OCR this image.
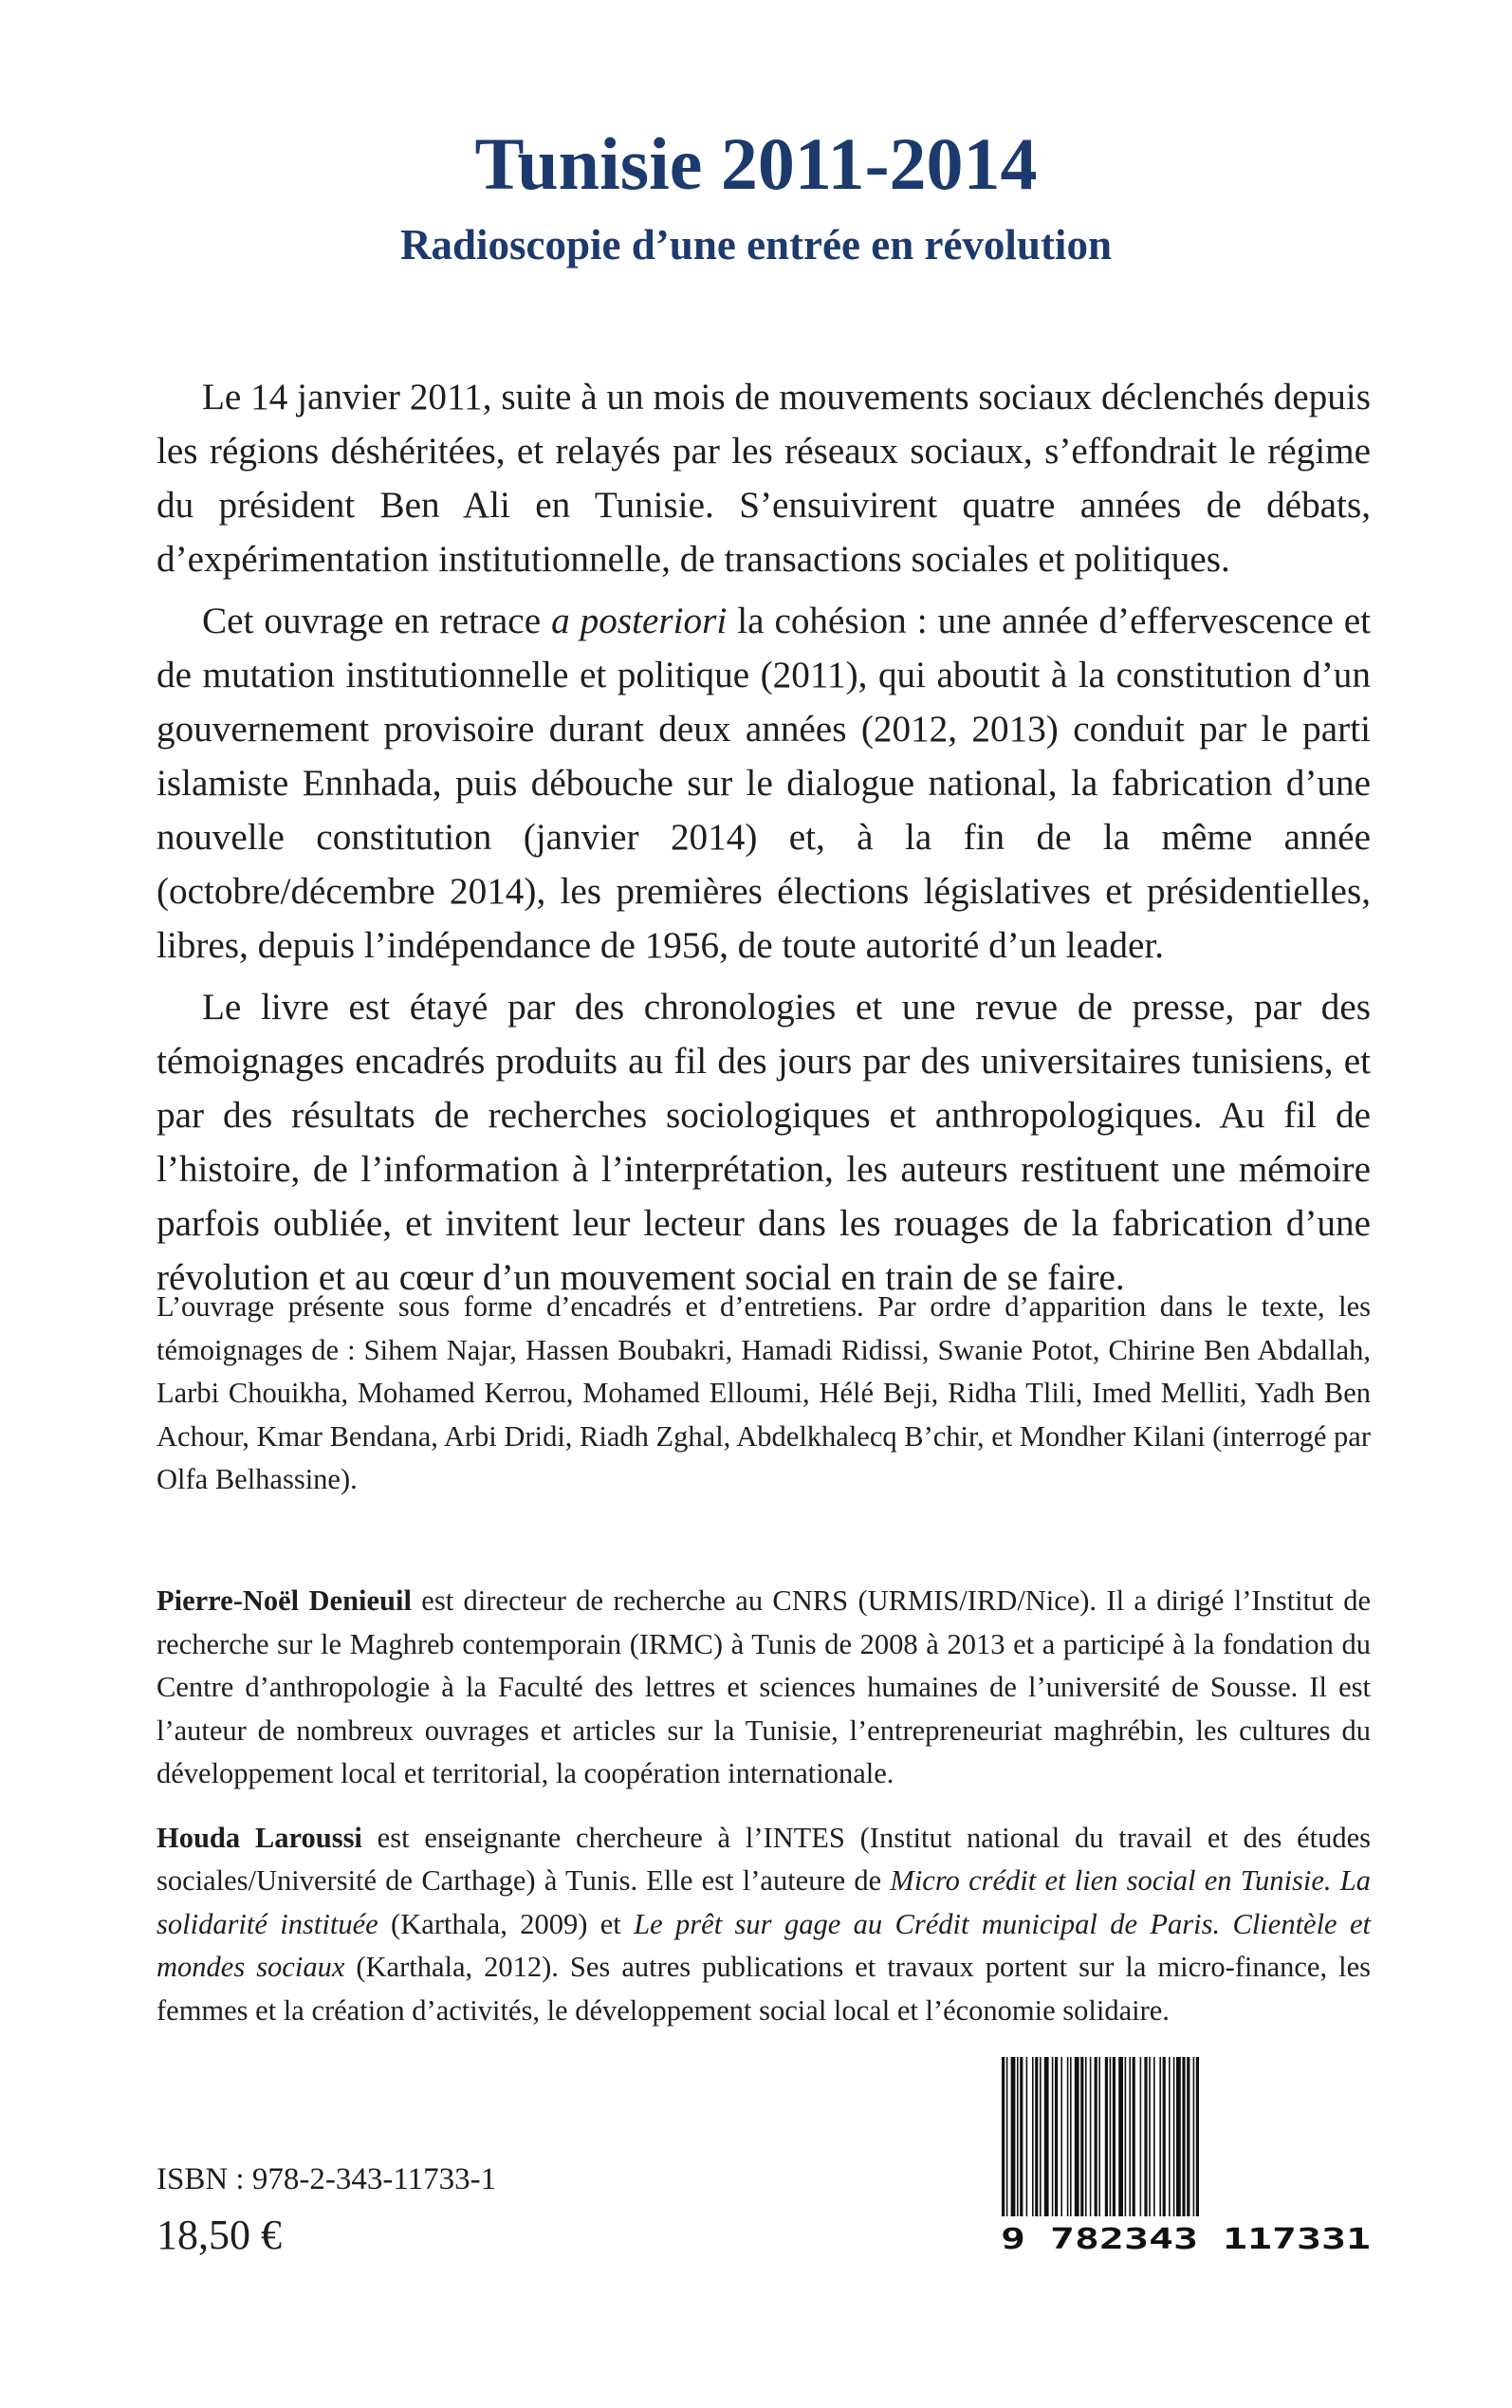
Tunisie 2011-2014
Radioscopie d’une entrée en révolution

Le 14 janvier 2011, suite à un mois de mouvements sociaux déclenchés depuis les régions déshéritées, et relayés par les réseaux sociaux, s’effondrait le régime du président Ben Ali en Tunisie. S’ensuivirent quatre années de débats, d’expérimentation institutionnelle, de transactions sociales et politiques.

Cet ouvrage en retrace a posteriori la cohésion : une année d’effervescence et de mutation institutionnelle et politique (2011), qui aboutit à la constitution d’un gouvernement provisoire durant deux années (2012, 2013) conduit par le parti islamiste Ennhada, puis débouche sur le dialogue national, la fabrication d’une nouvelle constitution (janvier 2014) et, à la fin de la même année (octobre/décembre 2014), les premières élections législatives et présidentielles, libres, depuis l’indépendance de 1956, de toute autorité d’un leader.

Le livre est étayé par des chronologies et une revue de presse, par des témoignages encadrés produits au fil des jours par des universitaires tunisiens, et par des résultats de recherches sociologiques et anthropologiques. Au fil de l’histoire, de l’information à l’interprétation, les auteurs restituent une mémoire parfois oubliée, et invitent leur lecteur dans les rouages de la fabrication d’une révolution et au cœur d’un mouvement social en train de se faire.

L’ouvrage présente sous forme d’encadrés et d’entretiens. Par ordre d’apparition dans le texte, les témoignages de : Sihem Najar, Hassen Boubakri, Hamadi Ridissi, Swanie Potot, Chirine Ben Abdallah, Larbi Chouikha, Mohamed Kerrou, Mohamed Elloumi, Hélé Beji, Ridha Tlili, Imed Melliti, Yadh Ben Achour, Kmar Bendana, Arbi Dridi, Riadh Zghal, Abdelkhalecq B’chir, et Mondher Kilani (interrogé par Olfa Belhassine).

Pierre-Noël Denieuil est directeur de recherche au CNRS (URMIS/IRD/Nice). Il a dirigé l’Institut de recherche sur le Maghreb contemporain (IRMC) à Tunis de 2008 à 2013 et a participé à la fondation du Centre d’anthropologie à la Faculté des lettres et sciences humaines de l’université de Sousse. Il est l’auteur de nombreux ouvrages et articles sur la Tunisie, l’entrepreneuriat maghrébin, les cultures du développement local et territorial, la coopération internationale.

Houda Laroussi est enseignante chercheure à l’INTES (Institut national du travail et des études sociales/Université de Carthage) à Tunis. Elle est l’auteure de Micro crédit et lien social en Tunisie. La solidarité instituée (Karthala, 2009) et Le prêt sur gage au Crédit municipal de Paris. Clientèle et mondes sociaux (Karthala, 2012). Ses autres publications et travaux portent sur la micro-finance, les femmes et la création d’activités, le développement social local et l’économie solidaire.

ISBN : 978-2-343-11733-1

18,50 €	9 782343 117331
